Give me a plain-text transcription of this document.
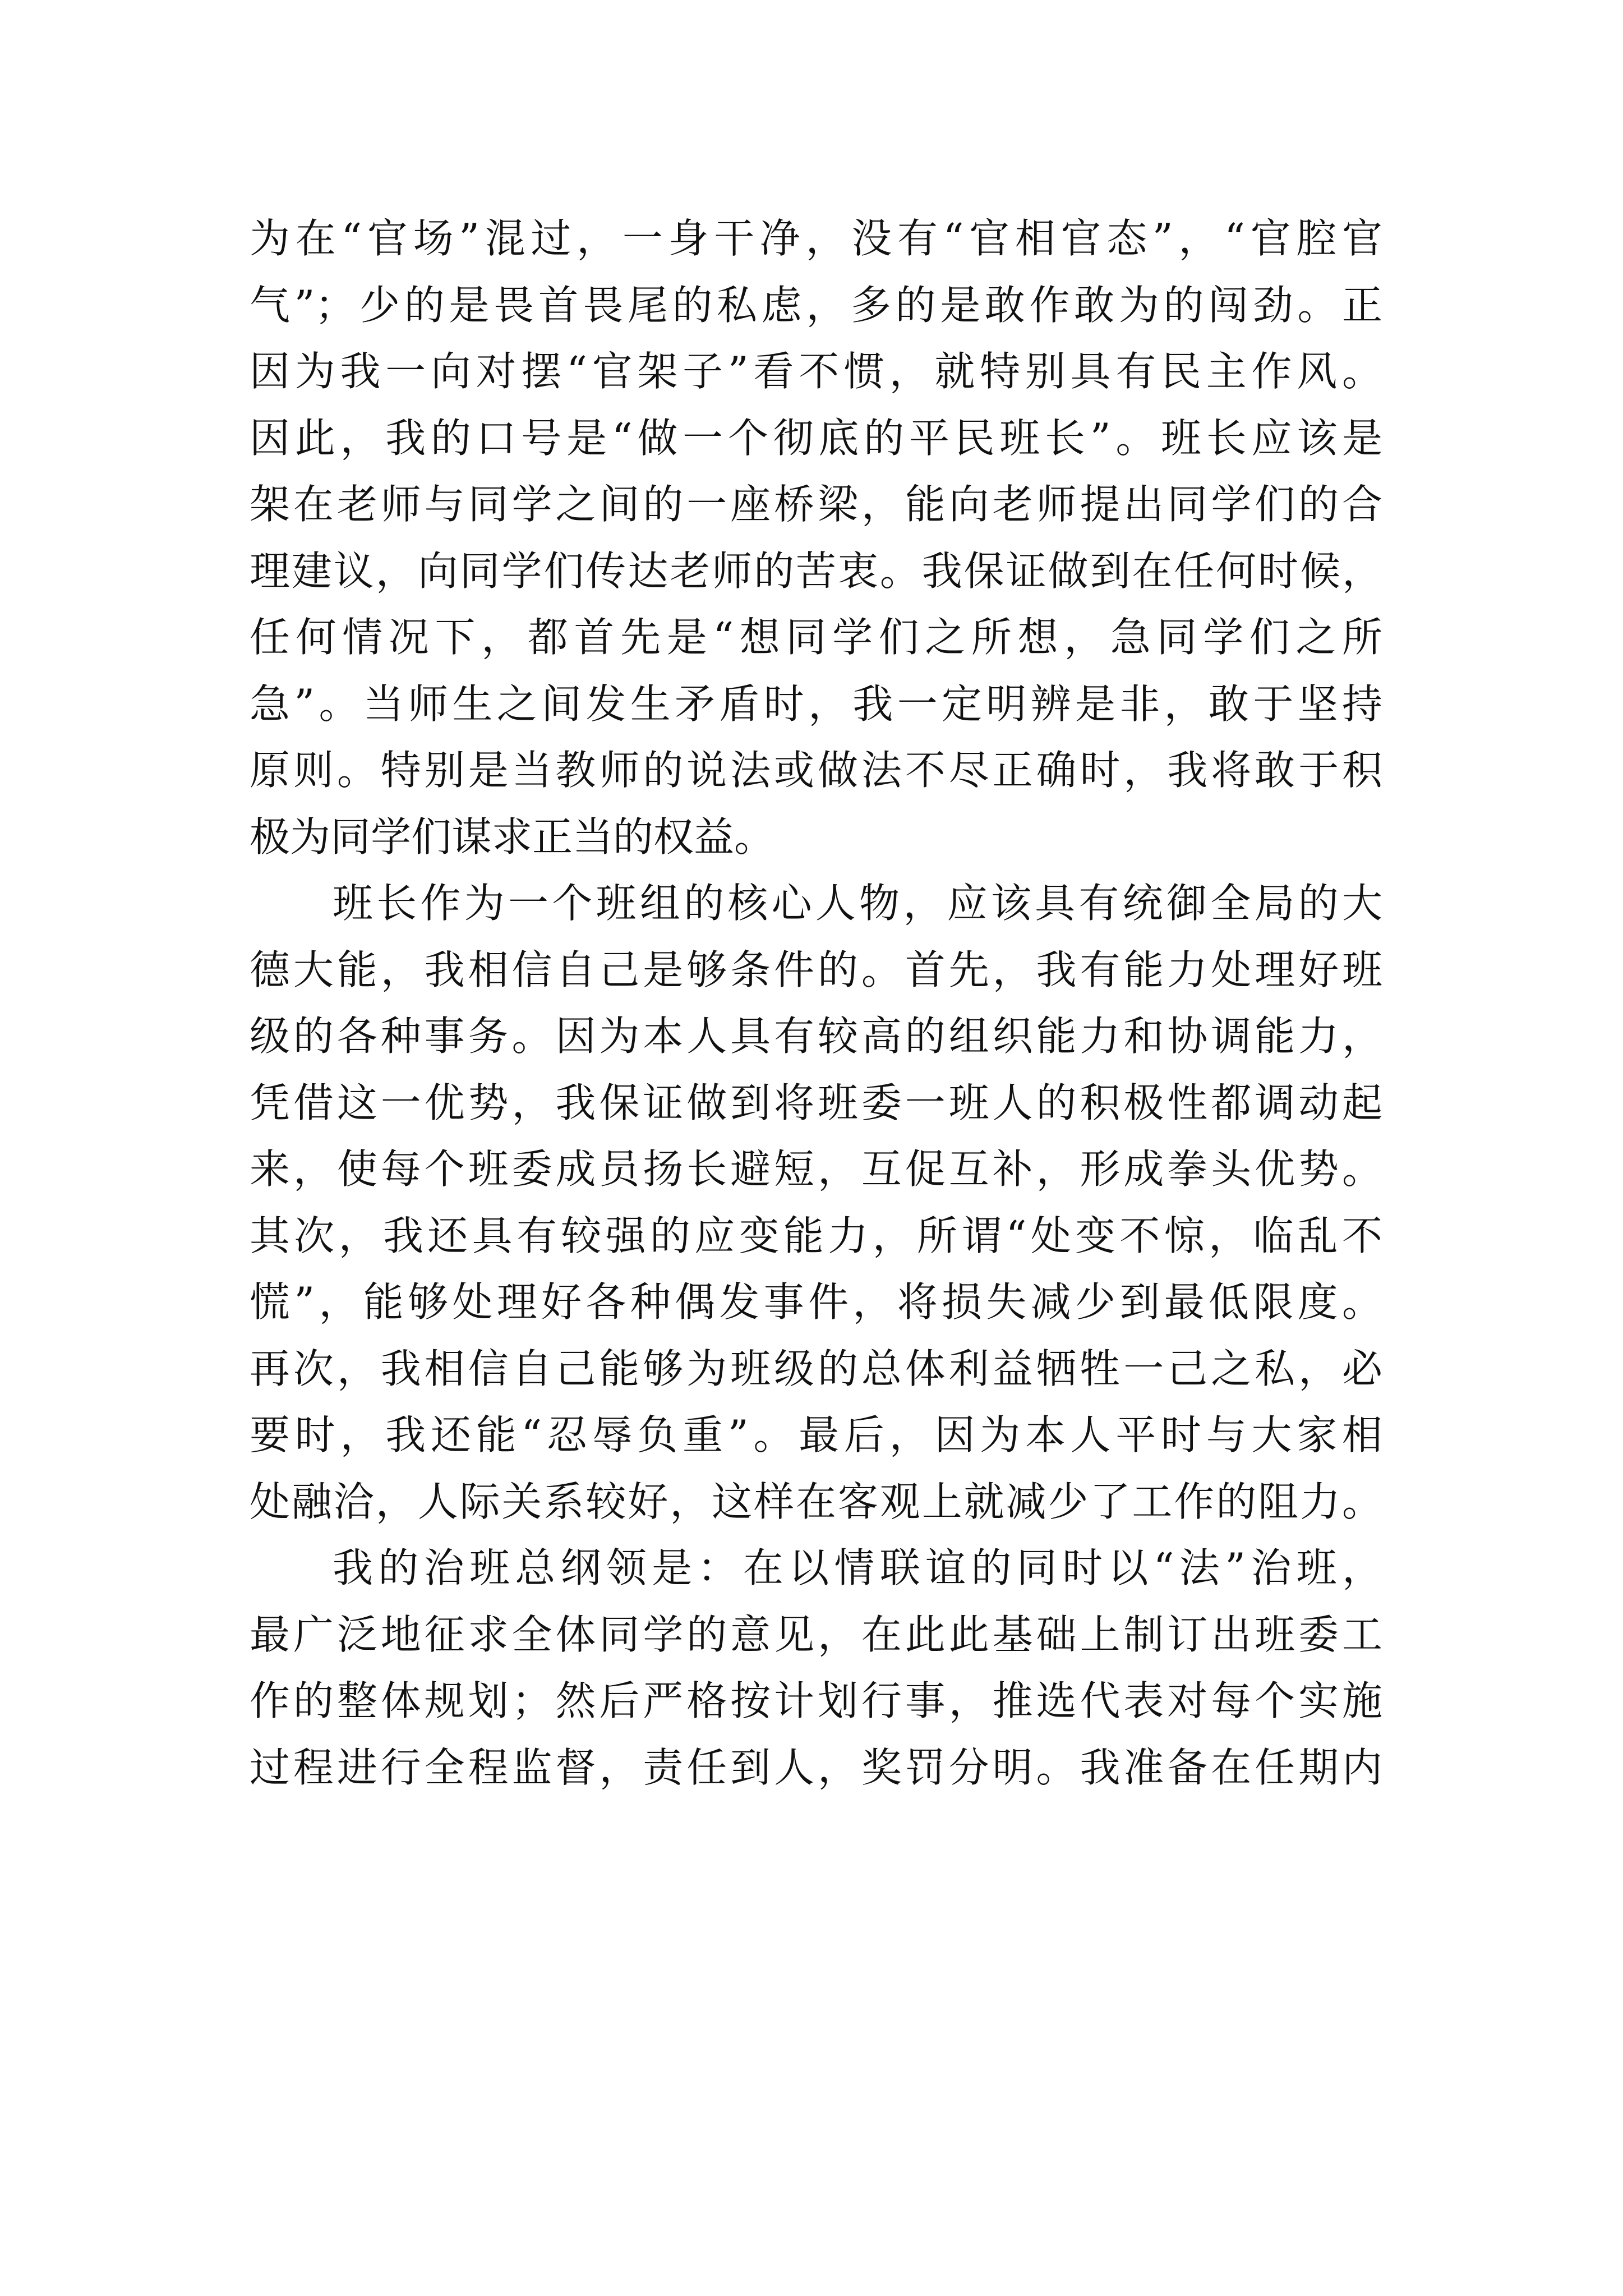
为在“官场”混过，一身干净，没有“官相官态”，“官腔官
气”；少的是畏首畏尾的私虑，多的是敢作敢为的闯劲。正
因为我一向对摆“官架子”看不惯，就特别具有民主作风。
因此，我的口号是“做一个彻底的平民班长”。班长应该是
架在老师与同学之间的一座桥梁，能向老师提出同学们的合
理建议，向同学们传达老师的苦衷。我保证做到在任何时候，
任何情况下，都首先是“想同学们之所想，急同学们之所
急”。当师生之间发生矛盾时，我一定明辨是非，敢于坚持
原则。特别是当教师的说法或做法不尽正确时，我将敢于积
极为同学们谋求正当的权益。
班长作为一个班组的核心人物，应该具有统御全局的大
德大能，我相信自己是够条件的。首先，我有能力处理好班
级的各种事务。因为本人具有较高的组织能力和协调能力，
凭借这一优势，我保证做到将班委一班人的积极性都调动起
来，使每个班委成员扬长避短，互促互补，形成拳头优势。
其次，我还具有较强的应变能力，所谓“处变不惊，临乱不
慌”，能够处理好各种偶发事件，将损失减少到最低限度。
再次，我相信自己能够为班级的总体利益牺牲一己之私，必
要时，我还能“忍辱负重”。最后，因为本人平时与大家相
处融洽，人际关系较好，这样在客观上就减少了工作的阻力。
我的治班总纲领是：在以情联谊的同时以“法”治班，
最广泛地征求全体同学的意见，在此此基础上制订出班委工
作的整体规划；然后严格按计划行事，推选代表对每个实施
过程进行全程监督，责任到人，奖罚分明。我准备在任期内
